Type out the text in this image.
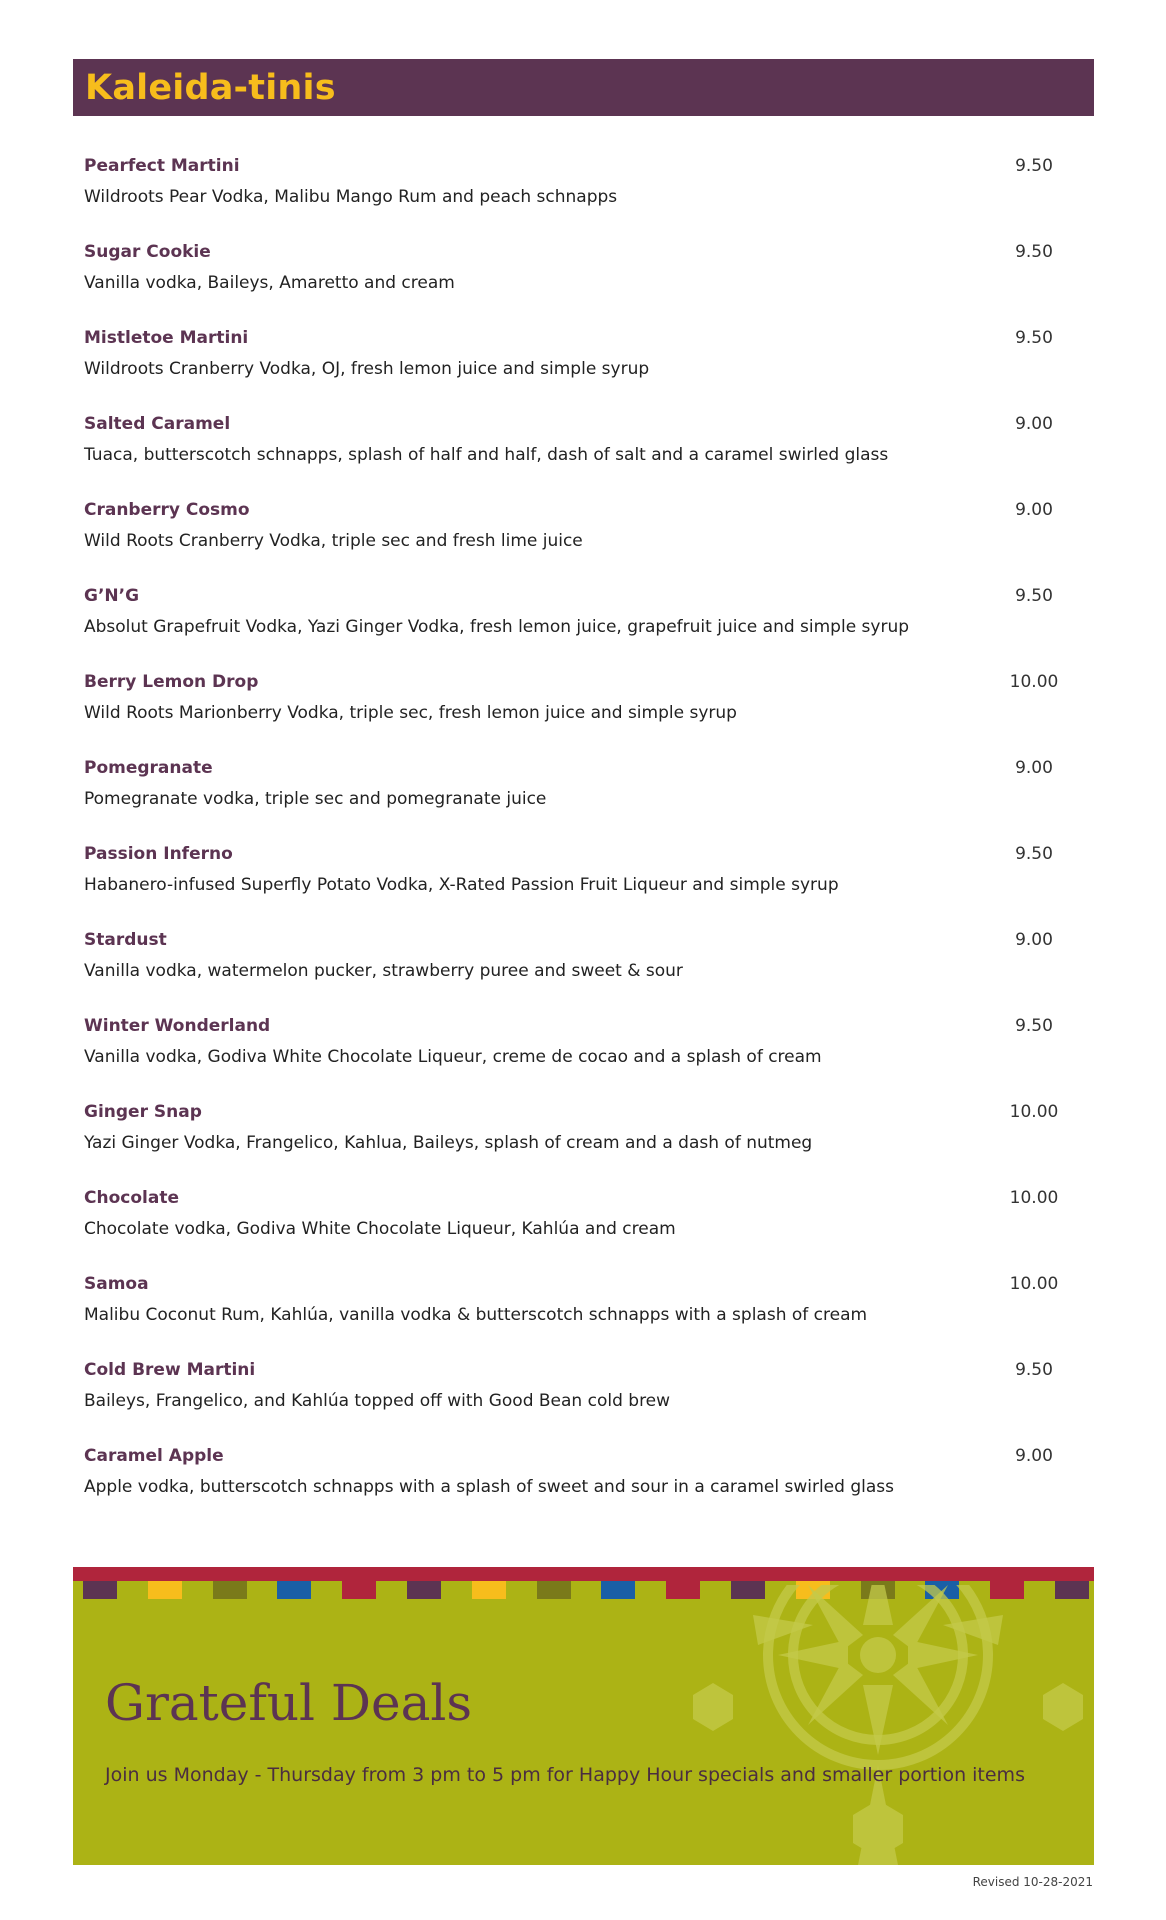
Kaleida-tinis
Pearfect Martini	9.50
Wildroots Pear Vodka, Malibu Mango Rum and peach schnapps
Sugar Cookie	9.50
Vanilla vodka, Baileys, Amaretto and cream
Mistletoe Martini	9.50
Wildroots Cranberry Vodka, OJ, fresh lemon juice and simple syrup
Salted Caramel	9.00
Tuaca, butterscotch schnapps, splash of half and half, dash of salt and a caramel swirled glass
Cranberry Cosmo	9.00
Wild Roots Cranberry Vodka, triple sec and fresh lime juice
G’N’G	9.50
Absolut Grapefruit Vodka, Yazi Ginger Vodka, fresh lemon juice, grapefruit juice and simple syrup
Berry Lemon Drop	10.00
Wild Roots Marionberry Vodka, triple sec, fresh lemon juice and simple syrup
Pomegranate	9.00
Pomegranate vodka, triple sec and pomegranate juice
Passion Inferno	9.50
Habanero-infused Superfly Potato Vodka, X-Rated Passion Fruit Liqueur and simple syrup
Stardust	9.00
Vanilla vodka, watermelon pucker, strawberry puree and sweet & sour
Winter Wonderland	9.50
Vanilla vodka, Godiva White Chocolate Liqueur, creme de cocao and a splash of cream
Ginger Snap	10.00
Yazi Ginger Vodka, Frangelico, Kahlua, Baileys, splash of cream and a dash of nutmeg
Chocolate	10.00
Chocolate vodka, Godiva White Chocolate Liqueur, Kahlúa and cream
Samoa	10.00
Malibu Coconut Rum, Kahlúa, vanilla vodka & butterscotch schnapps with a splash of cream
Cold Brew Martini	9.50
Baileys, Frangelico, and Kahlúa topped off with Good Bean cold brew
Caramel Apple	9.00
Apple vodka, butterscotch schnapps with a splash of sweet and sour in a caramel swirled glass
Grateful Deals
Join us Monday - Thursday from 3 pm to 5 pm for Happy Hour specials and smaller portion items
Revised 10-28-2021
